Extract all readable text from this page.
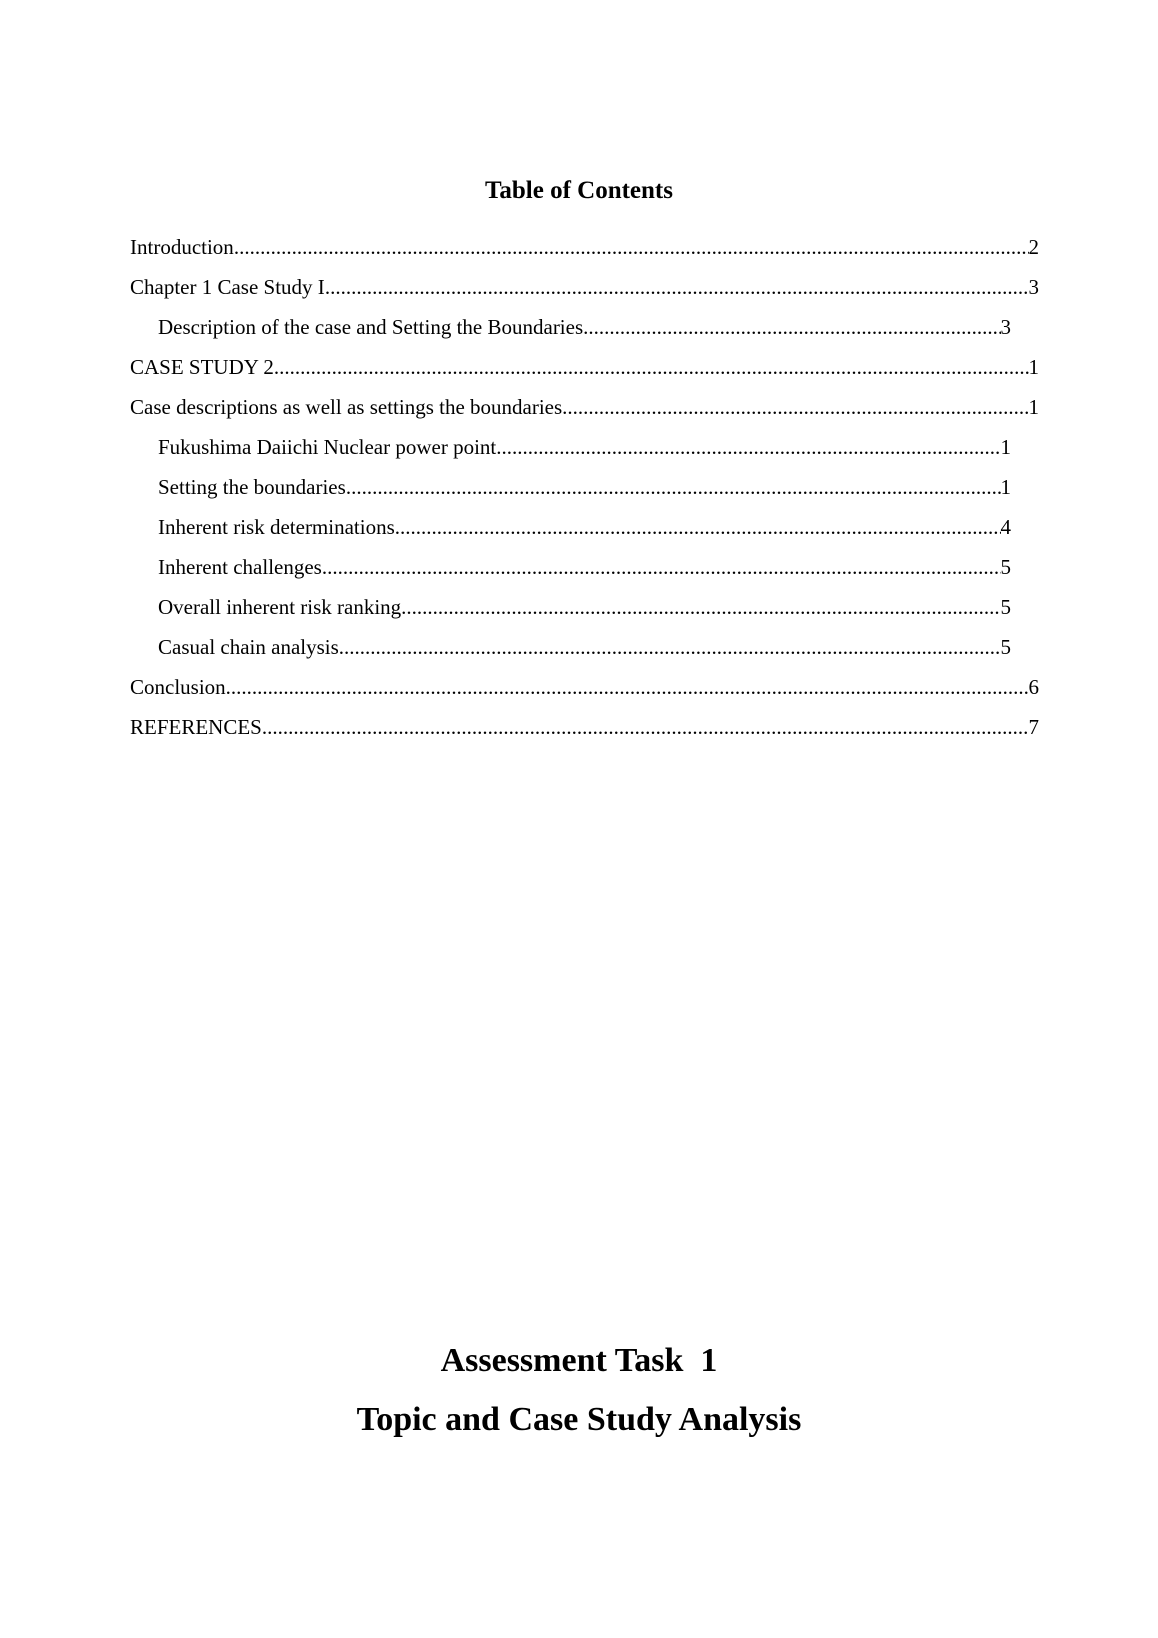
Table of Contents
Introduction .....	2
Chapter 1 Case Study I .....	3
Description of the case and Setting the Boundaries .....	3
CASE STUDY 2 .....	1
Case descriptions as well as settings the boundaries .....	1
Fukushima Daiichi Nuclear power point .....	1
Setting the boundaries .....	1
Inherent risk determinations .....	4
Inherent challenges .....	5
Overall inherent risk ranking .....	5
Casual chain analysis .....	5
Conclusion .....	6
REFERENCES .....	7
Assessment Task  1
Topic and Case Study Analysis
